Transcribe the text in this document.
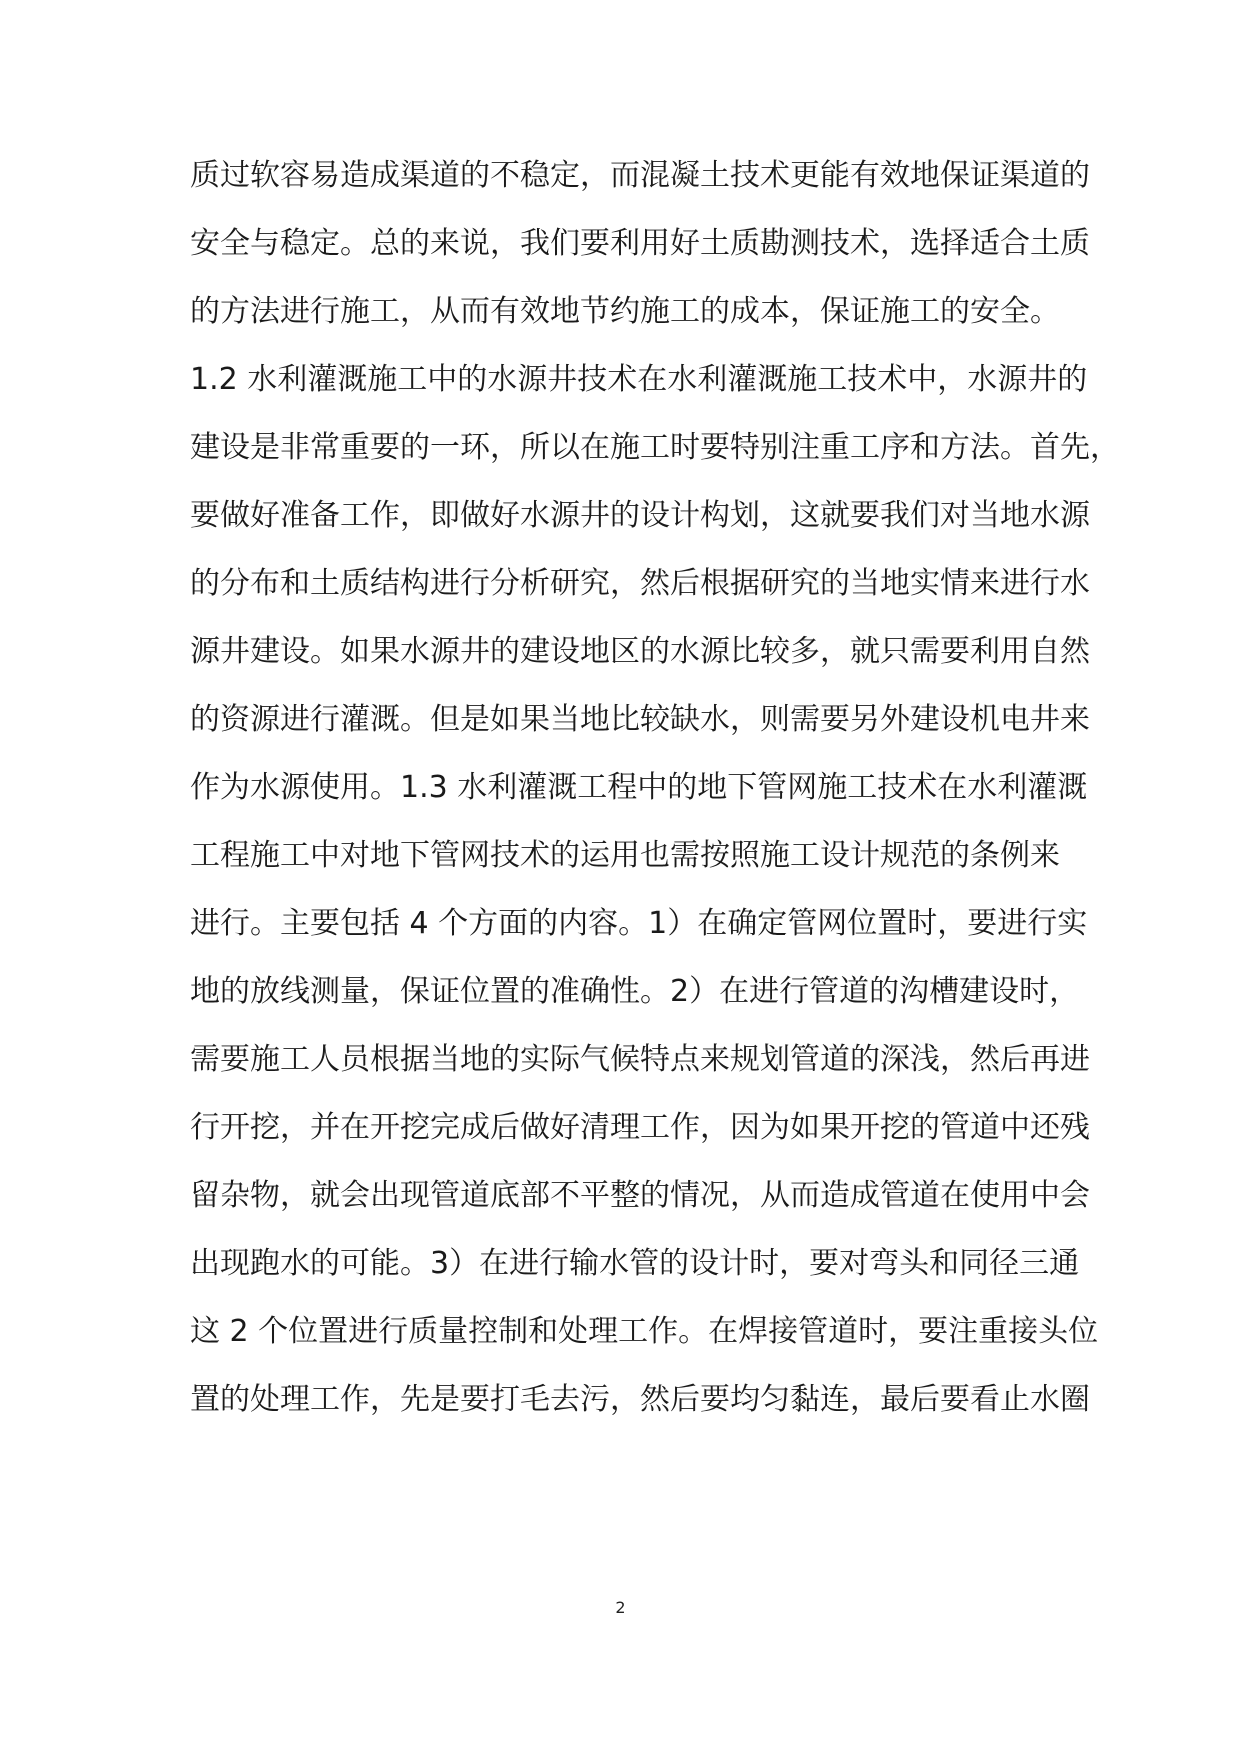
质过软容易造成渠道的不稳定，而混凝土技术更能有效地保证渠道的
安全与稳定。总的来说，我们要利用好土质勘测技术，选择适合土质
的方法进行施工，从而有效地节约施工的成本，保证施工的安全。
1.2 水利灌溉施工中的水源井技术在水利灌溉施工技术中，水源井的
建设是非常重要的一环，所以在施工时要特别注重工序和方法。首先，
要做好准备工作，即做好水源井的设计构划，这就要我们对当地水源
的分布和土质结构进行分析研究，然后根据研究的当地实情来进行水
源井建设。如果水源井的建设地区的水源比较多，就只需要利用自然
的资源进行灌溉。但是如果当地比较缺水，则需要另外建设机电井来
作为水源使用。1.3 水利灌溉工程中的地下管网施工技术在水利灌溉
工程施工中对地下管网技术的运用也需按照施工设计规范的条例来
进行。主要包括 4 个方面的内容。1）在确定管网位置时，要进行实
地的放线测量，保证位置的准确性。2）在进行管道的沟槽建设时，
需要施工人员根据当地的实际气候特点来规划管道的深浅，然后再进
行开挖，并在开挖完成后做好清理工作，因为如果开挖的管道中还残
留杂物，就会出现管道底部不平整的情况，从而造成管道在使用中会
出现跑水的可能。3）在进行输水管的设计时，要对弯头和同径三通
这 2 个位置进行质量控制和处理工作。在焊接管道时，要注重接头位
置的处理工作，先是要打毛去污，然后要均匀黏连，最后要看止水圈
2
